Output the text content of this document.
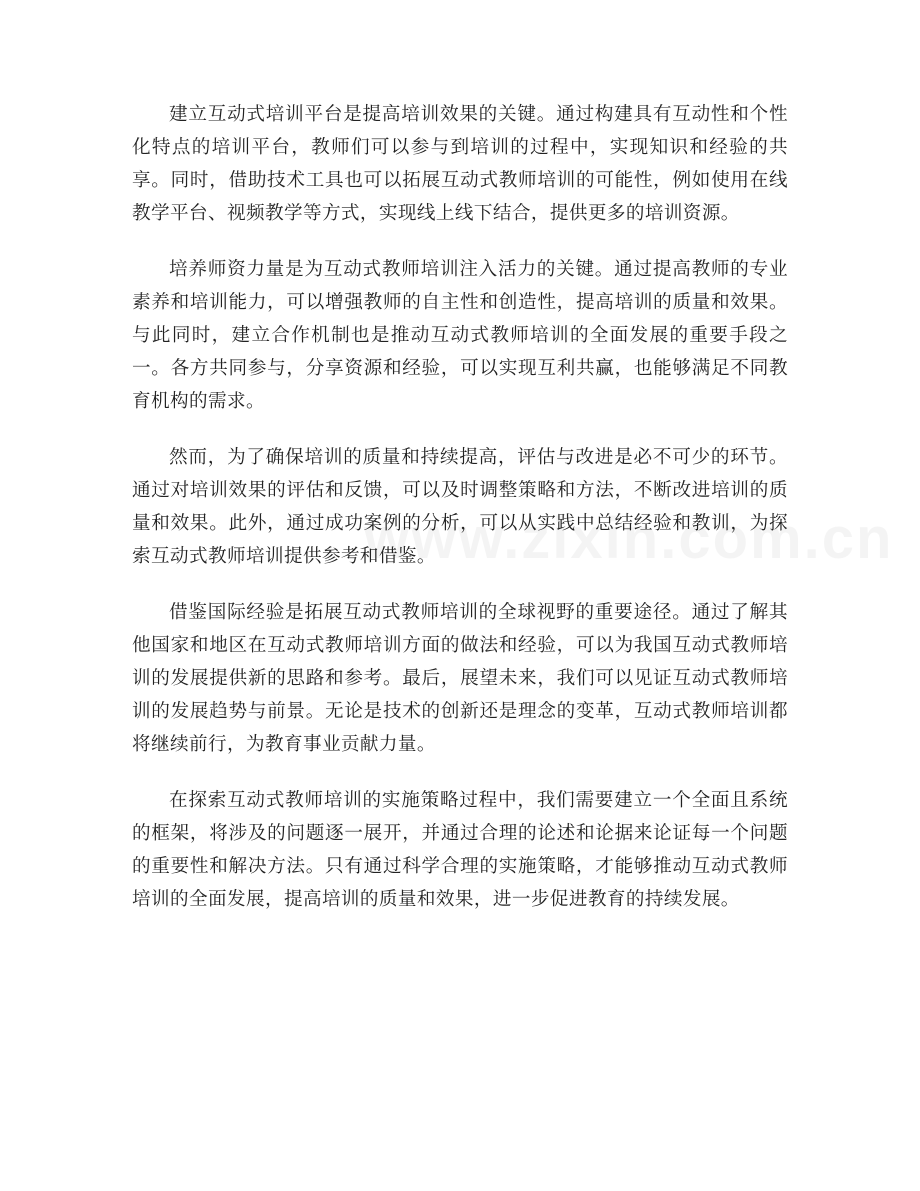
建立互动式培训平台是提高培训效果的关键。通过构建具有互动性和个性化特点的培训平台，教师们可以参与到培训的过程中，实现知识和经验的共享。同时，借助技术工具也可以拓展互动式教师培训的可能性，例如使用在线教学平台、视频教学等方式，实现线上线下结合，提供更多的培训资源。

培养师资力量是为互动式教师培训注入活力的关键。通过提高教师的专业素养和培训能力，可以增强教师的自主性和创造性，提高培训的质量和效果。与此同时，建立合作机制也是推动互动式教师培训的全面发展的重要手段之一。各方共同参与，分享资源和经验，可以实现互利共赢，也能够满足不同教育机构的需求。

然而，为了确保培训的质量和持续提高，评估与改进是必不可少的环节。通过对培训效果的评估和反馈，可以及时调整策略和方法，不断改进培训的质量和效果。此外，通过成功案例的分析，可以从实践中总结经验和教训，为探索互动式教师培训提供参考和借鉴。

借鉴国际经验是拓展互动式教师培训的全球视野的重要途径。通过了解其他国家和地区在互动式教师培训方面的做法和经验，可以为我国互动式教师培训的发展提供新的思路和参考。最后，展望未来，我们可以见证互动式教师培训的发展趋势与前景。无论是技术的创新还是理念的变革，互动式教师培训都将继续前行，为教育事业贡献力量。

在探索互动式教师培训的实施策略过程中，我们需要建立一个全面且系统的框架，将涉及的问题逐一展开，并通过合理的论述和论据来论证每一个问题的重要性和解决方法。只有通过科学合理的实施策略，才能够推动互动式教师培训的全面发展，提高培训的质量和效果，进一步促进教育的持续发展。
